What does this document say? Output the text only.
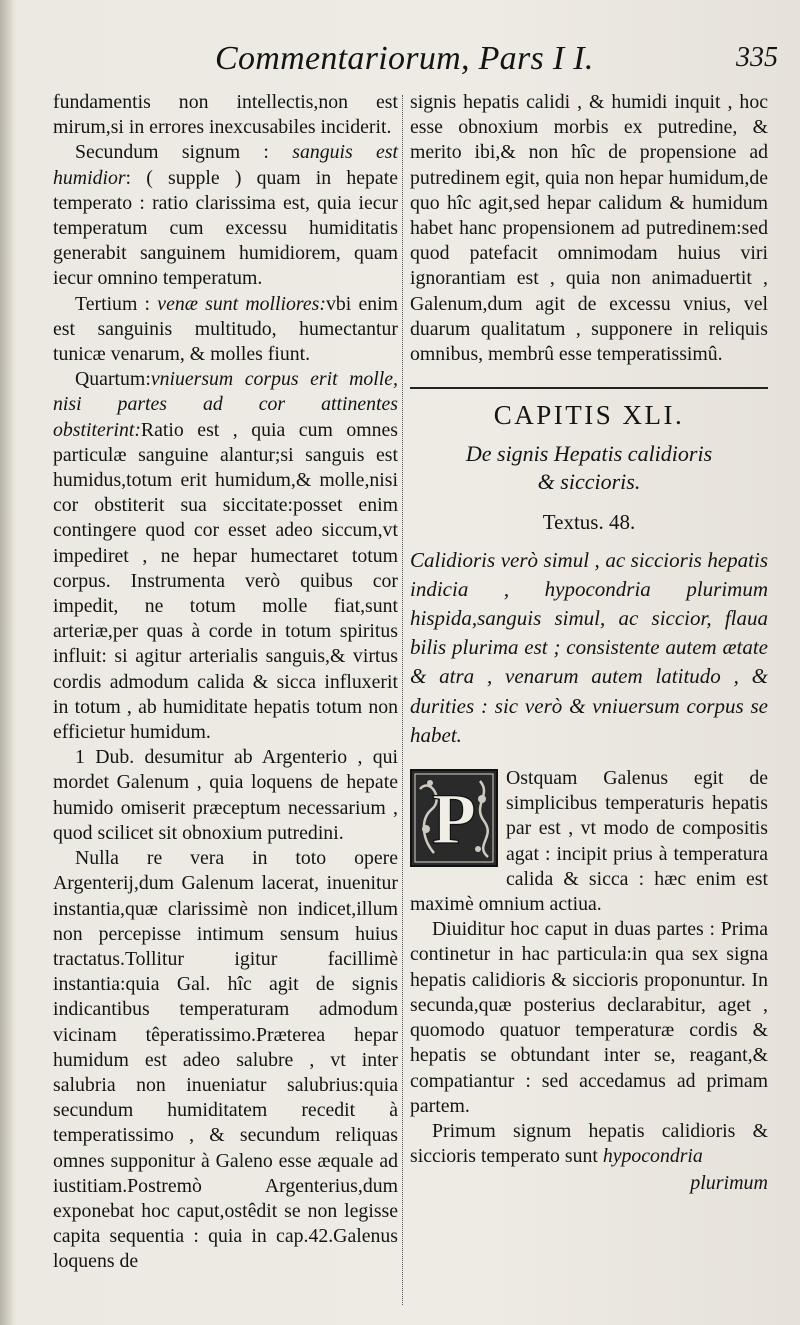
Commentariorum, Pars I I.	335

fundamentis non intellectis,non est mirum,si in errores inexcusabiles inciderit.

Secundum signum : sanguis est humidior: ( supple ) quam in hepate temperato : ratio clarissima est, quia iecur temperatum cum excessu humiditatis generabit sanguinem humidiorem, quam iecur omnino temperatum.

Tertium : venæ sunt molliores:vbi enim est sanguinis multitudo, humectantur tunicæ venarum, & molles fiunt.

Quartum:vniuersum corpus erit molle, nisi partes ad cor attinentes obstiterint:Ratio est , quia cum omnes particulæ sanguine alantur;si sanguis est humidus,totum erit humidum,& molle,nisi cor obstiterit sua siccitate:posset enim contingere quod cor esset adeo siccum,vt impediret , ne hepar humectaret totum corpus. Instrumenta verò quibus cor impedit, ne totum molle fiat,sunt arteriæ,per quas à corde in totum spiritus influit: si agitur arterialis sanguis,& virtus cordis admodum calida & sicca influxerit in totum , ab humiditate hepatis totum non efficietur humidum.

1 Dub. desumitur ab Argenterio , qui mordet Galenum , quia loquens de hepate humido omiserit præceptum necessarium , quod scilicet sit obnoxium putredini.

Nulla re vera in toto opere Argenterij,dum Galenum lacerat, inuenitur instantia,quæ clarissimè non indicet,illum non percepisse intimum sensum huius tractatus.Tollitur igitur facillimè instantia:quia Gal. hîc agit de signis indicantibus temperaturam admodum vicinam têperatissimo.Præterea hepar humidum est adeo salubre , vt inter salubria non inueniatur salubrius:quia secundum humiditatem recedit à temperatissimo , & secundum reliquas omnes supponitur à Galeno esse æquale ad iustitiam.Postremò Argenterius,dum exponebat hoc caput,ostêdit se non legisse capita sequentia : quia in cap.42.Galenus loquens de

signis hepatis calidi , & humidi inquit , hoc esse obnoxium morbis ex putredine, & merito ibi,& non hîc de propensione ad putredinem egit, quia non hepar humidum,de quo hîc agit,sed hepar calidum & humidum habet hanc propensionem ad putredinem:sed quod patefacit omnimodam huius viri ignorantiam est , quia non animaduertit , Galenum,dum agit de excessu vnius, vel duarum qualitatum , supponere in reliquis omnibus, membrû esse temperatissimû.

CAPITIS XLI.
De signis Hepatis calidioris
& siccioris.
Textus. 48.

Calidioris verò simul , ac siccioris hepatis indicia , hypocondria plurimum hispida,sanguis simul, ac siccior, flaua bilis plurima est ; consistente autem ætate & atra , venarum autem latitudo , & durities : sic verò & vniuersum corpus se habet.

P

Ostquam Galenus egit de simplicibus temperaturis hepatis par est , vt modo de compositis agat : incipit prius à temperatura calida & sicca : hæc enim est maximè omnium actiua.

Diuiditur hoc caput in duas partes : Prima continetur in hac particula:in qua sex signa hepatis calidioris & siccioris proponuntur. In secunda,quæ posterius declarabitur, aget , quomodo quatuor temperaturæ cordis & hepatis se obtundant inter se, reagant,& compatiantur : sed accedamus ad primam partem.

Primum signum hepatis calidioris & siccioris temperato sunt hypocondria

plurimum
